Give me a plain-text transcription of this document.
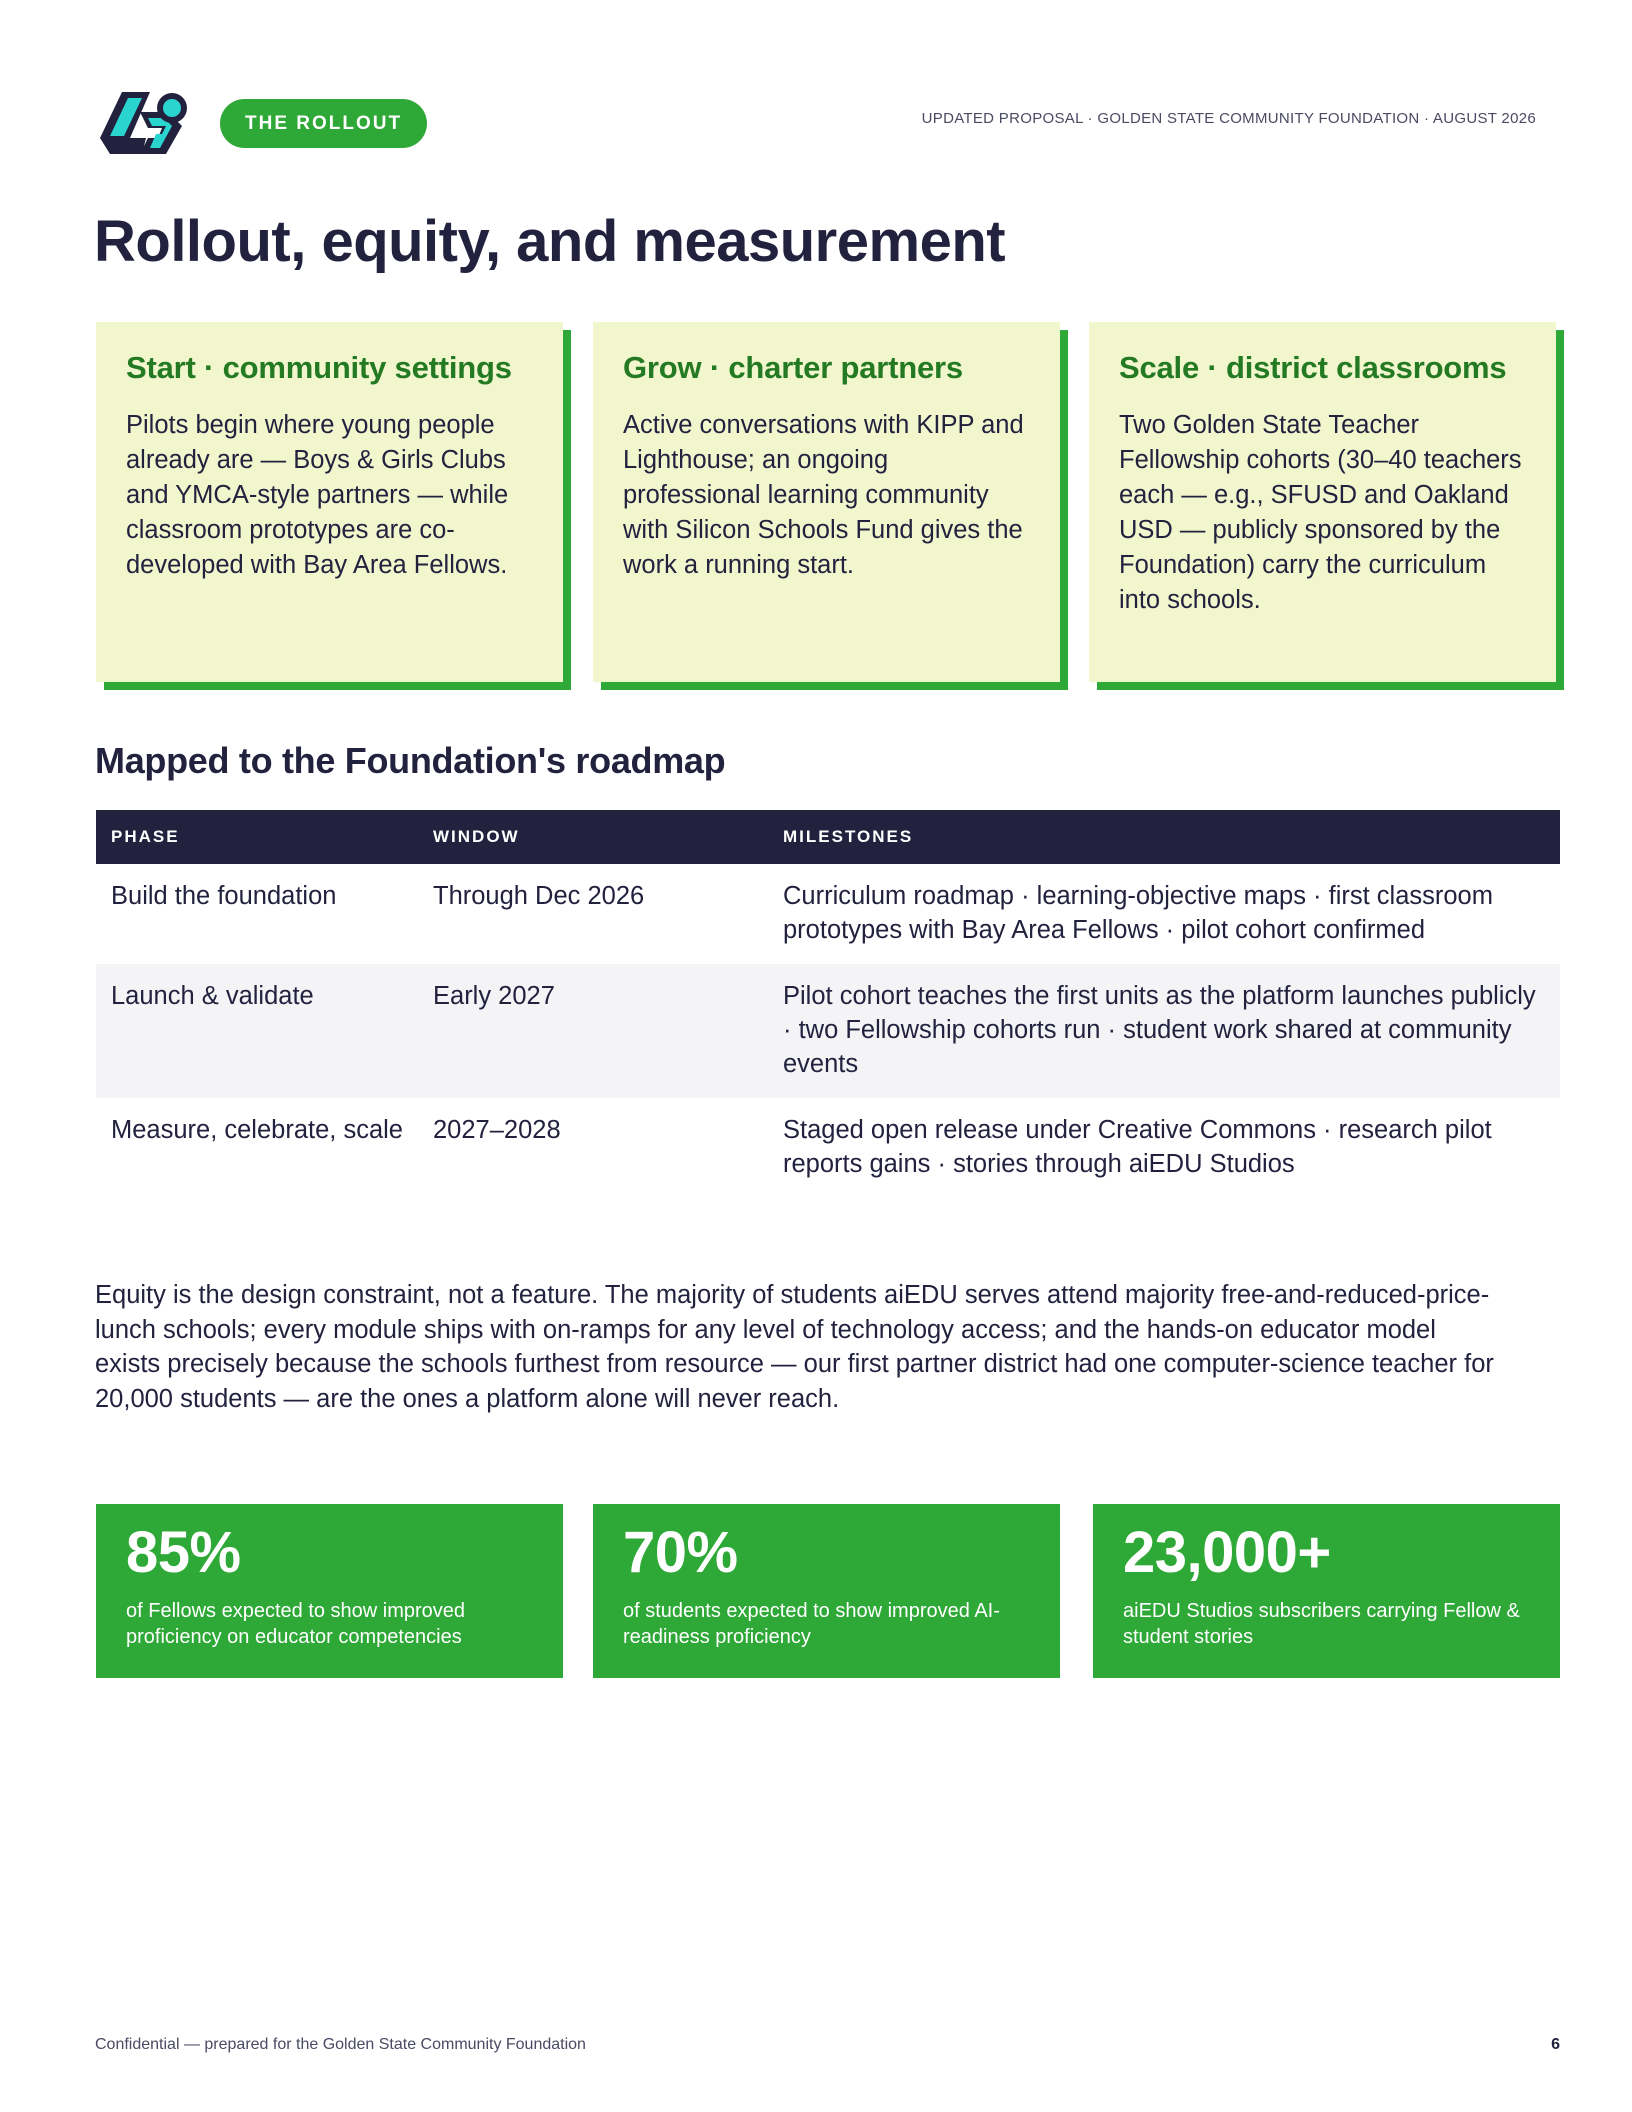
THE ROLLOUT	UPDATED PROPOSAL · GOLDEN STATE COMMUNITY FOUNDATION · AUGUST 2026
Rollout, equity, and measurement
Start · community settings

Pilots begin where young people already are — Boys & Girls Clubs and YMCA-style partners — while classroom prototypes are co-developed with Bay Area Fellows.

Grow · charter partners

Active conversations with KIPP and Lighthouse; an ongoing professional learning community with Silicon Schools Fund gives the work a running start.

Scale · district classrooms

Two Golden State Teacher Fellowship cohorts (30–40 teachers each — e.g., SFUSD and Oakland USD — publicly sponsored by the Foundation) carry the curriculum into schools.

Mapped to the Foundation's roadmap
PHASE	WINDOW	MILESTONES
Build the foundation	Through Dec 2026	Curriculum roadmap · learning-objective maps · first classroom prototypes with Bay Area Fellows · pilot cohort confirmed
Launch & validate	Early 2027	Pilot cohort teaches the first units as the platform launches publicly · two Fellowship cohorts run · student work shared at community events
Measure, celebrate, scale	2027–2028	Staged open release under Creative Commons · research pilot reports gains · stories through aiEDU Studios

Equity is the design constraint, not a feature. The majority of students aiEDU serves attend majority free-and-reduced-price-lunch schools; every module ships with on-ramps for any level of technology access; and the hands-on educator model exists precisely because the schools furthest from resource — our first partner district had one computer-science teacher for 20,000 students — are the ones a platform alone will never reach.

85%
of Fellows expected to show improved proficiency on educator competencies
70%
of students expected to show improved AI-readiness proficiency
23,000+
aiEDU Studios subscribers carrying Fellow & student stories
Confidential — prepared for the Golden State Community Foundation	6
